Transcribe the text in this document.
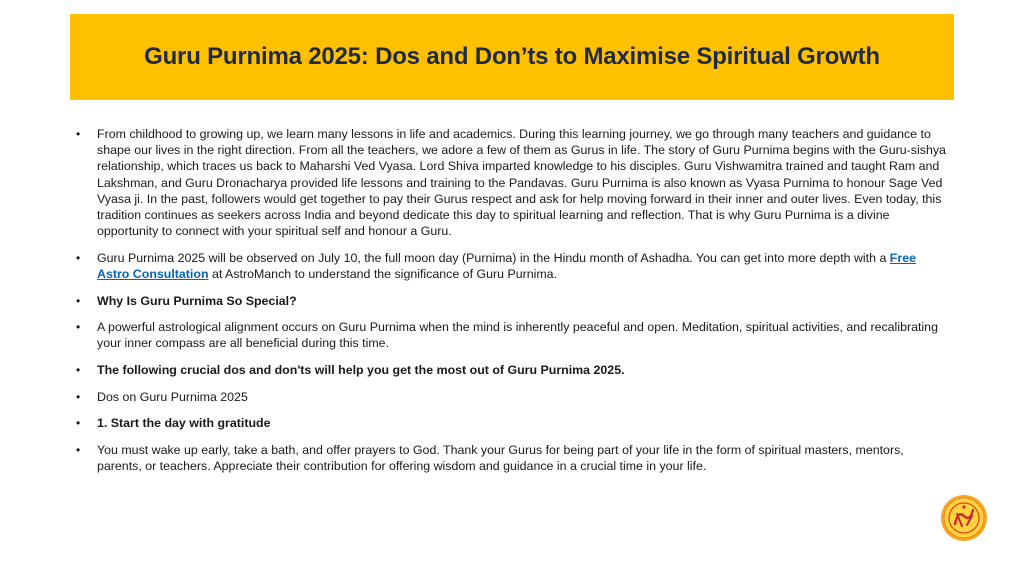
Guru Purnima 2025: Dos and Don’ts to Maximise Spiritual Growth
• From childhood to growing up, we learn many lessons in life and academics. During this learning journey, we go through many teachers and guidance to shape our lives in the right direction. From all the teachers, we adore a few of them as Gurus in life. The story of Guru Purnima begins with the Guru-sishya relationship, which traces us back to Maharshi Ved Vyasa. Lord Shiva imparted knowledge to his disciples. Guru Vishwamitra trained and taught Ram and Lakshman, and Guru Dronacharya provided life lessons and training to the Pandavas. Guru Purnima is also known as Vyasa Purnima to honour Sage Ved Vyasa ji. In the past, followers would get together to pay their Gurus respect and ask for help moving forward in their inner and outer lives. Even today, this tradition continues as seekers across India and beyond dedicate this day to spiritual learning and reflection. That is why Guru Purnima is a divine opportunity to connect with your spiritual self and honour a Guru.
• Guru Purnima 2025 will be observed on July 10, the full moon day (Purnima) in the Hindu month of Ashadha. You can get into more depth with a Free Astro Consultation at AstroManch to understand the significance of Guru Purnima.
• Why Is Guru Purnima So Special?
• A powerful astrological alignment occurs on Guru Purnima when the mind is inherently peaceful and open. Meditation, spiritual activities, and recalibrating your inner compass are all beneficial during this time.
• The following crucial dos and don'ts will help you get the most out of Guru Purnima 2025.
• Dos on Guru Purnima 2025
• 1. Start the day with gratitude
• You must wake up early, take a bath, and offer prayers to God. Thank your Gurus for being part of your life in the form of spiritual masters, mentors, parents, or teachers. Appreciate their contribution for offering wisdom and guidance in a crucial time in your life.
